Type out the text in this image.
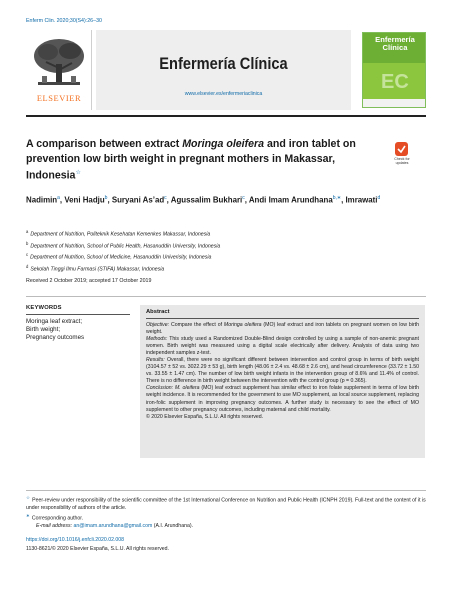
Enferm Clin. 2020;30(S4):26–30
ELSEVIER
Enfermería Clínica
www.elsevier.es/enfermeriaclinica
Enfermería
Clínica
EC
A comparison between extract Moringa oleifera and iron tablet on prevention low birth weight in pregnant mothers in Makassar, Indonesia☆
Check for updates
Nadimin$^a$, Veni Hadju$^b$, Suryani $As’ad^c$, Agussalim Bukhari$^c$, Andi Imam Arundhana$^{b,∗}$, Imrawati$^d$
$^a$Department of Nutrition, Politeknik Kesehatan Kemenkes Makassar, Indonesia
$^b$Department of Nutrition, School of Public Health, Hasanuddin University, Indonesia
$^c$Department of Nutrition, School of Medicine, Hasanuddin Univerisity, Indonesia
$^d$Sekolah Tinggi Ilmu Farmasi (STIFA) Makassar, Indonesia
Received 2 October 2019; accepted 17 October 2019
KEYWORDS
Moringa leaf extract;
Birth weight;
Pregnancy outcomes
Abstract

Objective: Compare the effect of Moringa oleifera (MO) leaf extract and iron tablets on pregnant women on low birth weight.

Methods: This study used a Randomized Double-Blind design controlled by using a sample of non-anemic pregnant women. Birth weight was measured using a digital scale electrically after delivery. Analysis of data using two independent samples z-test.

Results: Overall, there were no significant different between intervention and control group in terms of birth weight (3104.57 ± 52 vs. 3022.29 ± 53 g), birth length (48.06 ± 2.4 vs. 48.68 ± 2.6 cm), and head circumference (33.72 ± 1.50 vs. 33.55 ± 1.47 cm). The number of low birth weight infants in the intervention group of 8.6% and 11.4% of control. There is no difference in birth weight between the intervention with the control group (p = 0.365).

Conclusion: M. oleifera (MO) leaf extract supplement has similar effect to iron folate supplement in terms of low birth weight incidence. It is recommended for the government to use MO supplement, as local source supplement, replacing iron-folic supplement in improving pregnancy outcomes. A further study is necessary to see the effect of MO supplement to other pregnancy outcomes, including maternal and child mortality.

© 2020 Elsevier España, S.L.U. All rights reserved.

☆Peer-review under responsibility of the scientific committee of the 1st International Conference on Nutrition and Public Health (ICNPH 2019). Full-text and the content of it is under responsibility of authors of the article.

∗Corresponding author.

E-mail address: an@imam.arundhana@gmail.com (A.I. Arundhana).

https://doi.org/10.1016/j.enfcli.2020.02.008
1130-8621/© 2020 Elsevier España, S.L.U. All rights reserved.
